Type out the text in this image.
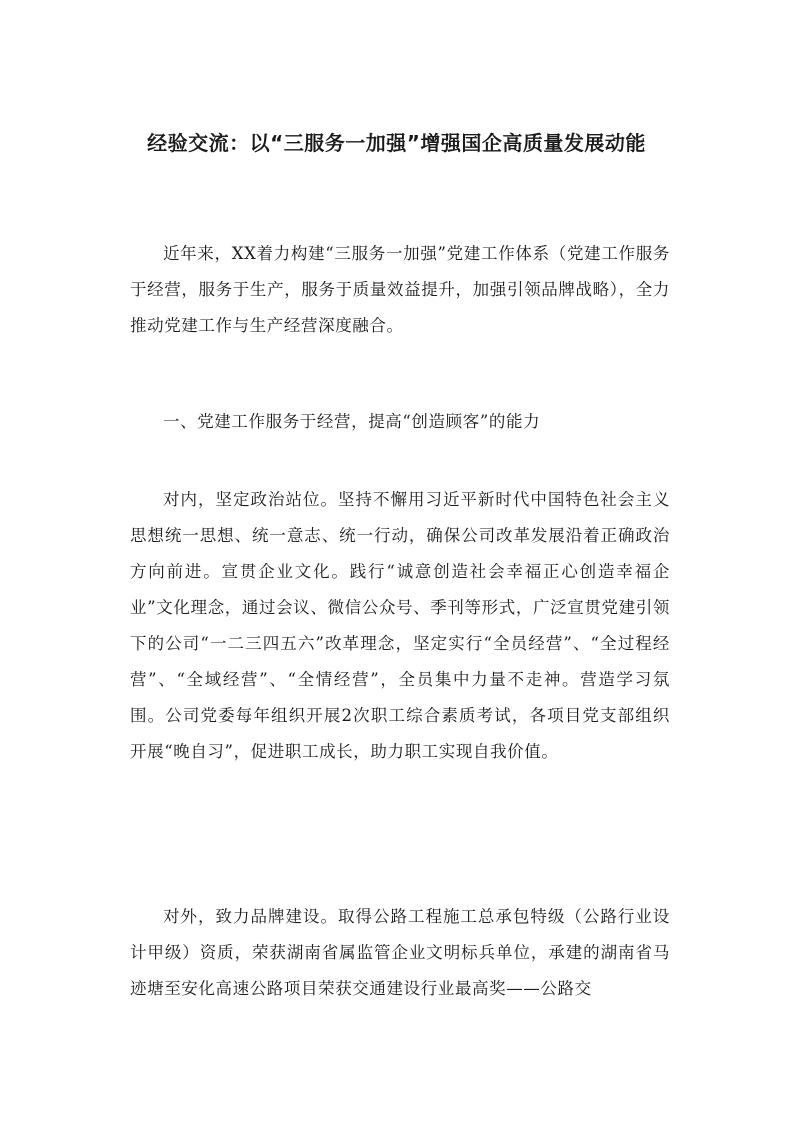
经验交流：以“三服务一加强”增强国企高质量发展动能

近年来，XX着力构建“三服务一加强”党建工作体系（党建工作服务于经营，服务于生产，服务于质量效益提升，加强引领品牌战略），全力推动党建工作与生产经营深度融合。

一、党建工作服务于经营，提高“创造顾客”的能力

对内，坚定政治站位。坚持不懈用习近平新时代中国特色社会主义思想统一思想、统一意志、统一行动，确保公司改革发展沿着正确政治方向前进。宣贯企业文化。践行“诚意创造社会幸福正心创造幸福企业”文化理念，通过会议、微信公众号、季刊等形式，广泛宣贯党建引领下的公司“一二三四五六”改革理念，坚定实行“全员经营”、“全过程经营”、“全域经营”、“全情经营”，全员集中力量不走神。营造学习氛围。公司党委每年组织开展2次职工综合素质考试，各项目党支部组织开展“晚自习”，促进职工成长，助力职工实现自我价值。

对外，致力品牌建设。取得公路工程施工总承包特级（公路行业设计甲级）资质，荣获湖南省属监管企业文明标兵单位，承建的湖南省马迹塘至安化高速公路项目荣获交通建设行业最高奖——公路交
